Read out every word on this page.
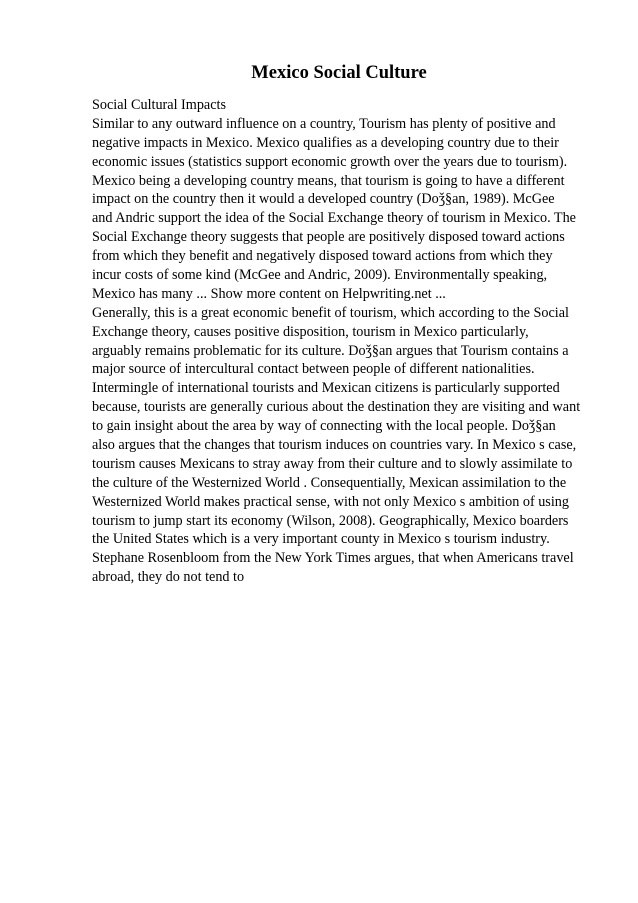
Mexico Social Culture
Social Cultural Impacts
Similar to any outward influence on a country, Tourism has plenty of positive and
negative impacts in Mexico. Mexico qualifies as a developing country due to their
economic issues (statistics support economic growth over the years due to tourism).
Mexico being a developing country means, that tourism is going to have a different
impact on the country then it would a developed country (Doǯ§an, 1989). McGee
and Andric support the idea of the Social Exchange theory of tourism in Mexico. The
Social Exchange theory suggests that people are positively disposed toward actions
from which they benefit and negatively disposed toward actions from which they
incur costs of some kind (McGee and Andric, 2009). Environmentally speaking,
Mexico has many ... Show more content on Helpwriting.net ...
Generally, this is a great economic benefit of tourism, which according to the Social
Exchange theory, causes positive disposition, tourism in Mexico particularly,
arguably remains problematic for its culture. Doǯ§an argues that Tourism contains a
major source of intercultural contact between people of different nationalities.
Intermingle of international tourists and Mexican citizens is particularly supported
because, tourists are generally curious about the destination they are visiting and want
to gain insight about the area by way of connecting with the local people. Doǯ§an
also argues that the changes that tourism induces on countries vary. In Mexico s case,
tourism causes Mexicans to stray away from their culture and to slowly assimilate to
the culture of the Westernized World . Consequentially, Mexican assimilation to the
Westernized World makes practical sense, with not only Mexico s ambition of using
tourism to jump start its economy (Wilson, 2008). Geographically, Mexico boarders
the United States which is a very important county in Mexico s tourism industry.
Stephane Rosenbloom from the New York Times argues, that when Americans travel
abroad, they do not tend to
